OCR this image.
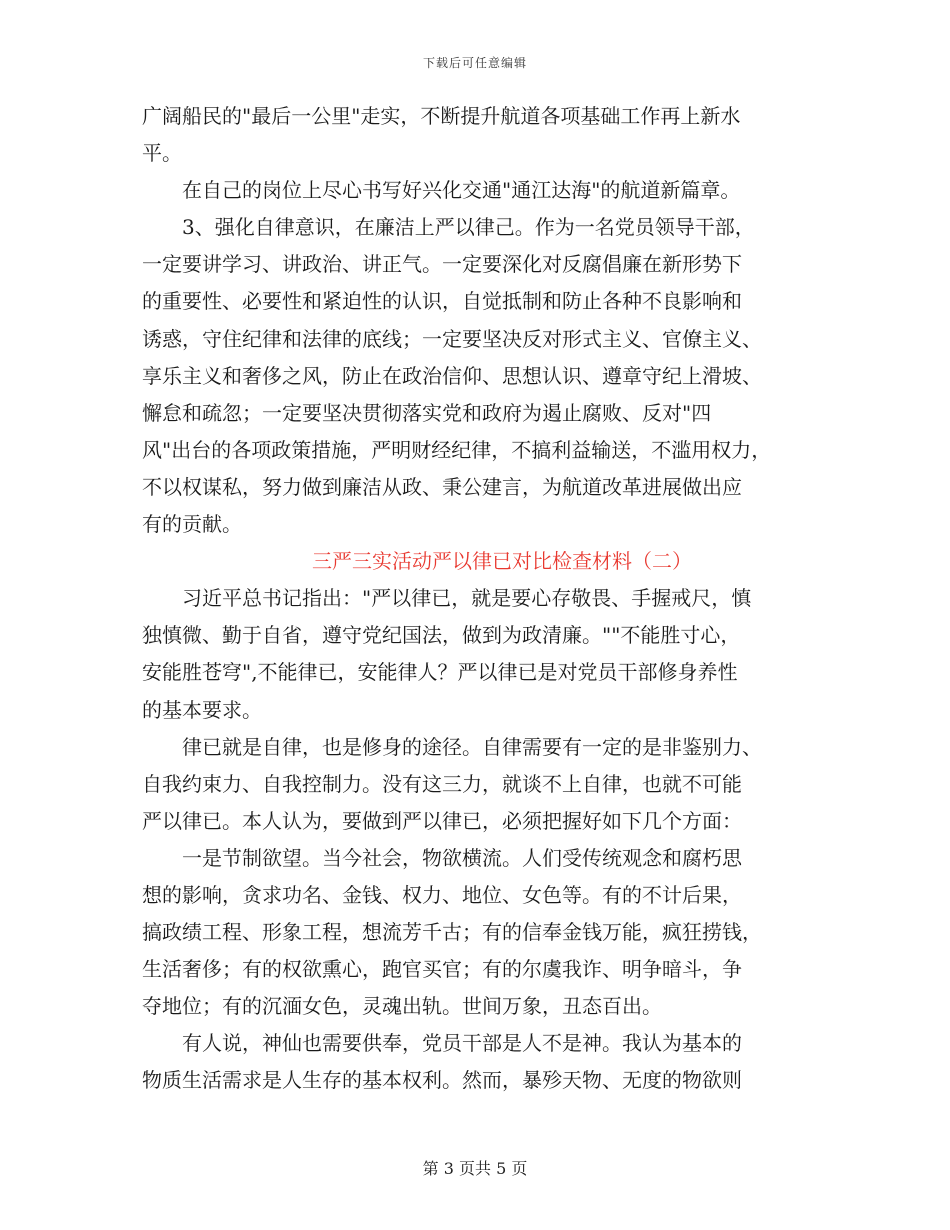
下载后可任意编辑
广阔船民的"最后一公里"走实，不断提升航道各项基础工作再上新水
平。
在自己的岗位上尽心书写好兴化交通"通江达海"的航道新篇章。
3、强化自律意识，在廉洁上严以律己。作为一名党员领导干部，
一定要讲学习、讲政治、讲正气。一定要深化对反腐倡廉在新形势下
的重要性、必要性和紧迫性的认识，自觉抵制和防止各种不良影响和
诱惑，守住纪律和法律的底线；一定要坚决反对形式主义、官僚主义、
享乐主义和奢侈之风，防止在政治信仰、思想认识、遵章守纪上滑坡、
懈怠和疏忽；一定要坚决贯彻落实党和政府为遏止腐败、反对"四
风"出台的各项政策措施，严明财经纪律，不搞利益输送，不滥用权力，
不以权谋私，努力做到廉洁从政、秉公建言，为航道改革进展做出应
有的贡献。
三严三实活动严以律已对比检查材料（二）
习近平总书记指出："严以律已，就是要心存敬畏、手握戒尺，慎
独慎微、勤于自省，遵守党纪国法，做到为政清廉。""不能胜寸心，
安能胜苍穹",不能律已，安能律人？严以律已是对党员干部修身养性
的基本要求。
律已就是自律，也是修身的途径。自律需要有一定的是非鉴别力、
自我约束力、自我控制力。没有这三力，就谈不上自律，也就不可能
严以律已。本人认为，要做到严以律已，必须把握好如下几个方面：
一是节制欲望。当今社会，物欲横流。人们受传统观念和腐朽思
想的影响，贪求功名、金钱、权力、地位、女色等。有的不计后果，
搞政绩工程、形象工程，想流芳千古；有的信奉金钱万能，疯狂捞钱，
生活奢侈；有的权欲熏心，跑官买官；有的尔虞我诈、明争暗斗，争
夺地位；有的沉湎女色，灵魂出轨。世间万象，丑态百出。
有人说，神仙也需要供奉，党员干部是人不是神。我认为基本的
物质生活需求是人生存的基本权利。然而，暴殄天物、无度的物欲则
第 3 页共 5 页
